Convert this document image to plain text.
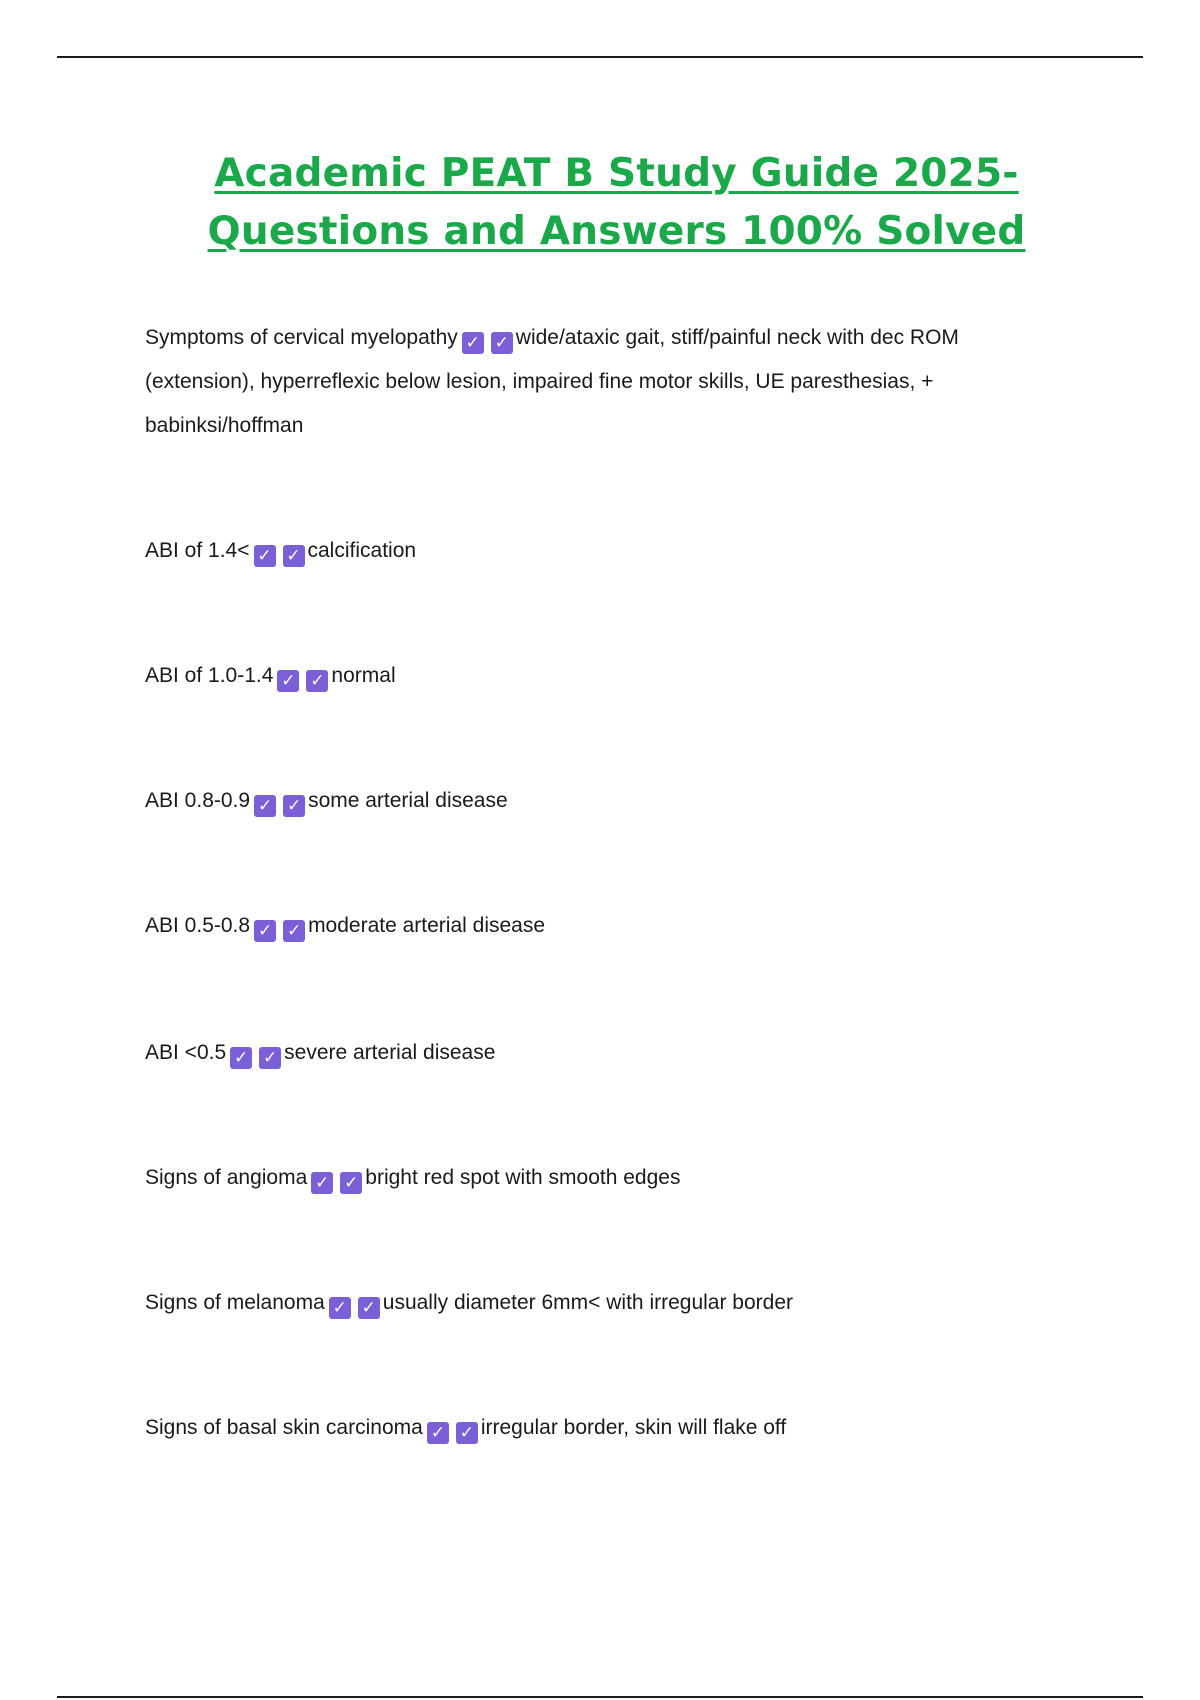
Academic PEAT B Study Guide 2025-
Questions and Answers 100% Solved

Symptoms of cervical myelopathy ✓ ✓ wide/ataxic gait, stiff/painful neck with dec ROM (extension), hyperreflexic below lesion, impaired fine motor skills, UE paresthesias, + babinksi/hoffman

ABI of 1.4< ✓ ✓ calcification

ABI of 1.0-1.4 ✓ ✓ normal

ABI 0.8-0.9 ✓ ✓ some arterial disease

ABI 0.5-0.8 ✓ ✓ moderate arterial disease

ABI <0.5 ✓ ✓ severe arterial disease

Signs of angioma ✓ ✓ bright red spot with smooth edges

Signs of melanoma ✓ ✓ usually diameter 6mm< with irregular border

Signs of basal skin carcinoma ✓ ✓ irregular border, skin will flake off
